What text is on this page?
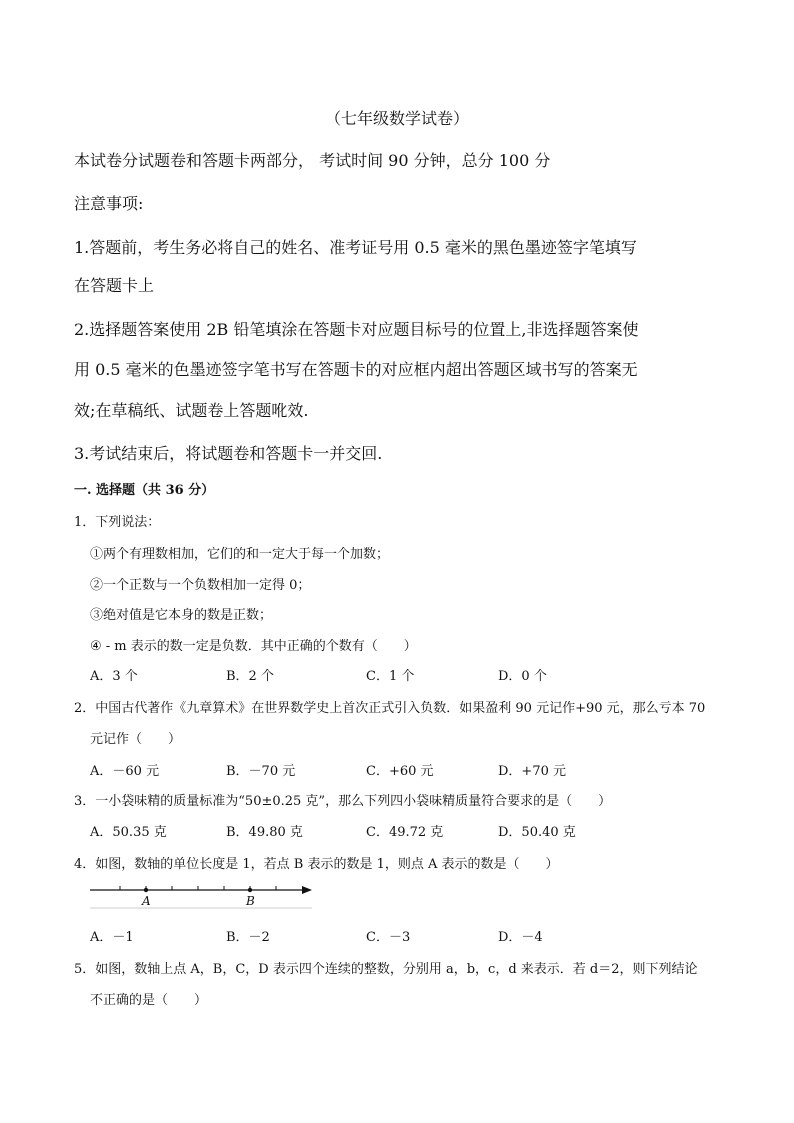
（七年级数学试卷）
本试卷分试题卷和答题卡两部分， 考试时间 90 分钟，总分 100 分
注意事项:
1.答题前，考生务必将自己的姓名、准考证号用 0.5 毫米的黑色墨迹签字笔填写
在答题卡上
2.选择题答案使用 2B 铅笔填涂在答题卡对应题目标号的位置上,非选择题答案使
用 0.5 毫米的色墨迹签字笔书写在答题卡的对应框内超出答题区域书写的答案无
效;在草稿纸、试题卷上答题吪效.
3.考试结束后，将试题卷和答题卡一并交回.
一. 选择题（共 36 分）
1．下列说法：
①两个有理数相加，它们的和一定大于每一个加数；
②一个正数与一个负数相加一定得 0；
③绝对值是它本身的数是正数；
④ - m 表示的数一定是负数．其中正确的个数有（　　）
A．3 个	B．2 个	C．1 个	D．0 个
2．中国古代著作《九章算术》在世界数学史上首次正式引入负数．如果盈利 90 元记作+90 元，那么亏本 70
元记作（　　）
A．－60 元	B．－70 元	C．+60 元	D．+70 元
3．一小袋味精的质量标准为“50±0.25 克”，那么下列四小袋味精质量符合要求的是（　　）
A．50.35 克	B．49.80 克	C．49.72 克	D．50.40 克
4．如图，数轴的单位长度是 1，若点 B 表示的数是 1，则点 A 表示的数是（　　）
A	B
A．－1	B．－2	C．－3	D．－4
5．如图，数轴上点 A，B，C，D 表示四个连续的整数，分别用 a，b，c，d 来表示．若 d＝2，则下列结论
不正确的是（　　）
